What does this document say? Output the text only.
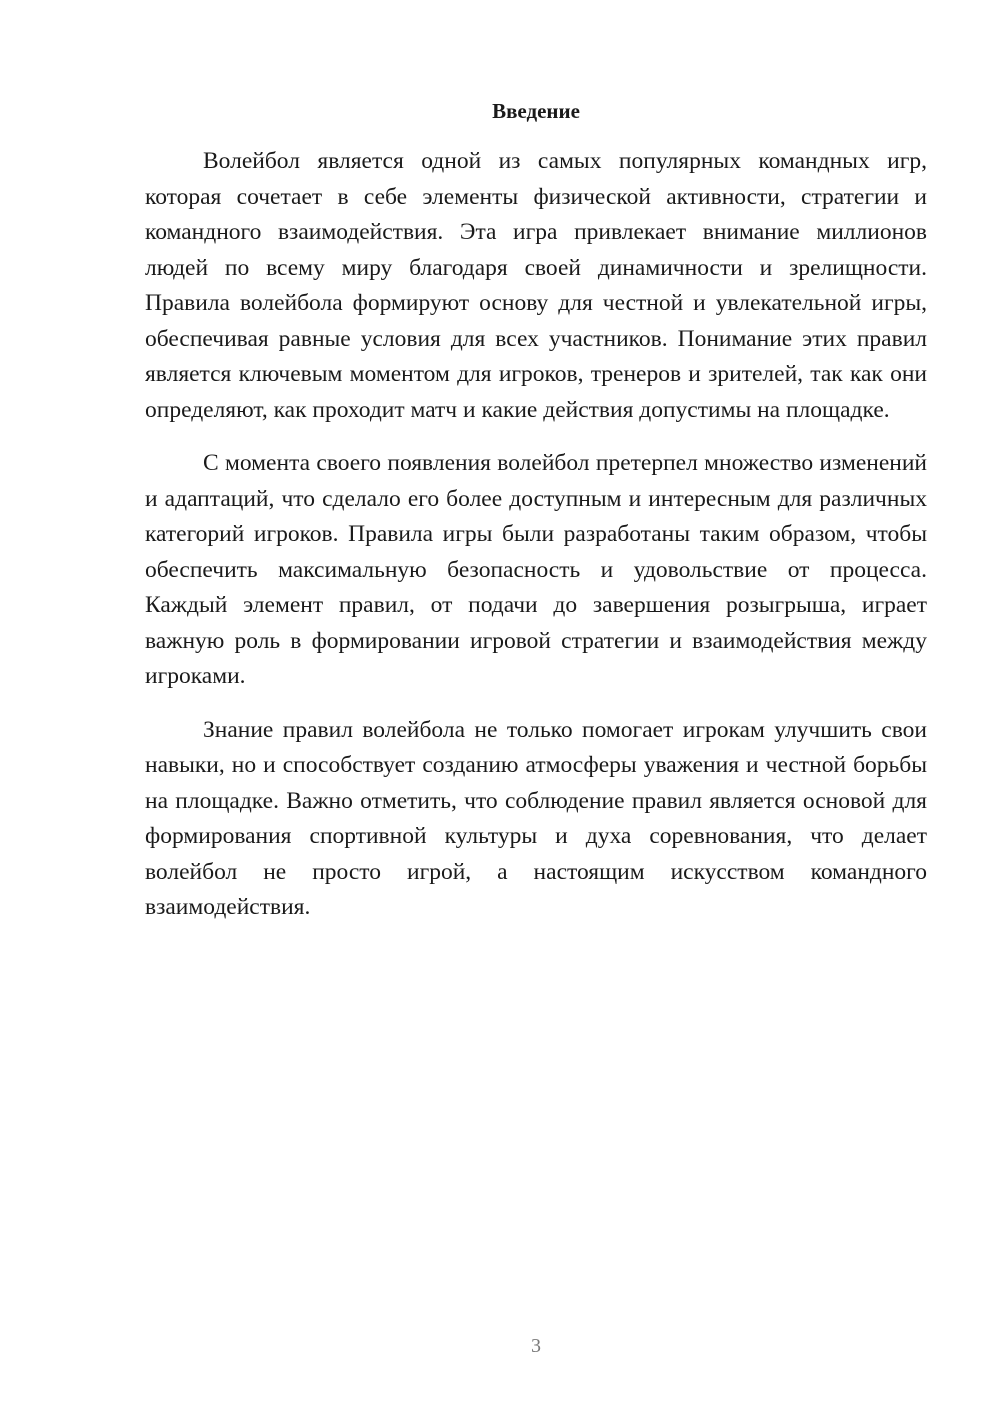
Введение

Волейбол является одной из самых популярных командных игр, которая сочетает в себе элементы физической активности, стратегии и командного взаимодействия. Эта игра привлекает внимание миллионов людей по всему миру благодаря своей динамичности и зрелищности. Правила волейбола формируют основу для честной и увлекательной игры, обеспечивая равные условия для всех участников. Понимание этих правил является ключевым моментом для игроков, тренеров и зрителей, так как они определяют, как проходит матч и какие действия допустимы на площадке.

С момента своего появления волейбол претерпел множество изменений и адаптаций, что сделало его более доступным и интересным для различных категорий игроков. Правила игры были разработаны таким образом, чтобы обеспечить максимальную безопасность и удовольствие от процесса. Каждый элемент правил, от подачи до завершения розыгрыша, играет важную роль в формировании игровой стратегии и взаимодействия между игроками.

Знание правил волейбола не только помогает игрокам улучшить свои навыки, но и способствует созданию атмосферы уважения и честной борьбы на площадке. Важно отметить, что соблюдение правил является основой для формирования спортивной культуры и духа соревнования, что делает волейбол не просто игрой, а настоящим искусством командного взаимодействия.

3
